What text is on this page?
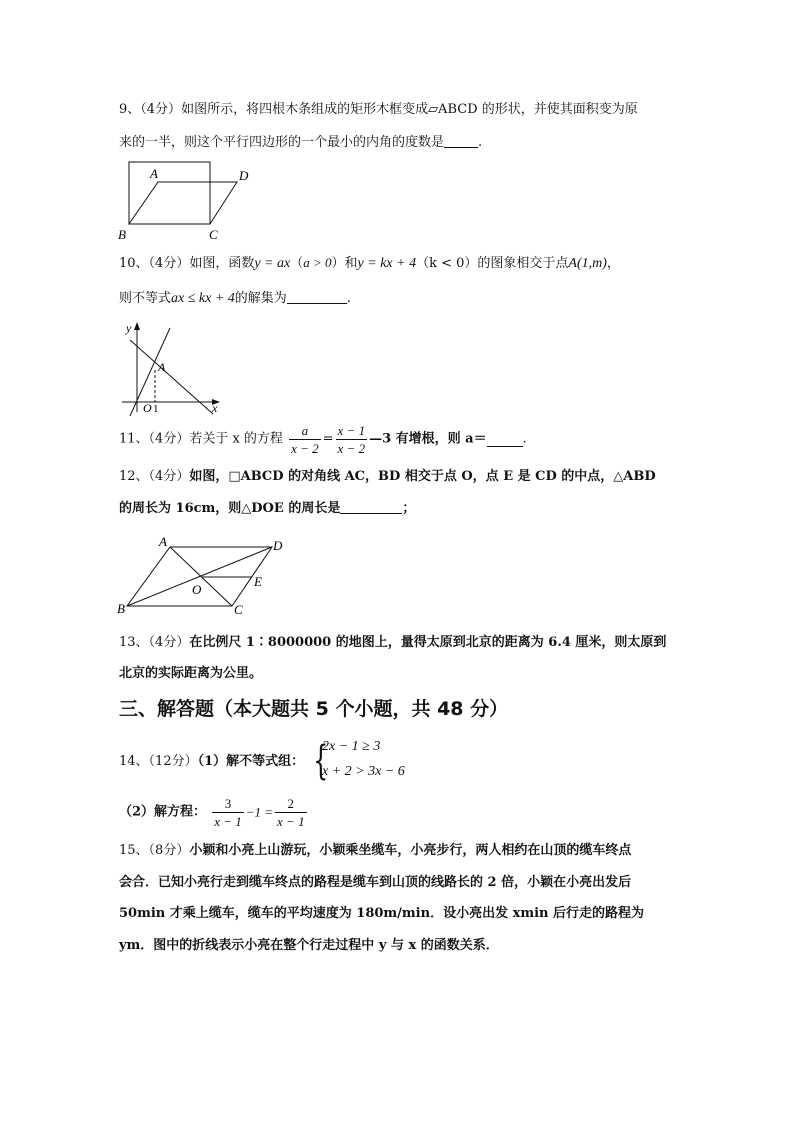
9、（4分）如图所示，将四根木条组成的矩形木框变成▱ABCD 的形状，并使其面积变为原
来的一半，则这个平行四边形的一个最小的内角的度数是	.
A	D
B	C
10、（4分）如图，函数y = ax（a > 0）和y = kx + 4（k < 0）的图象相交于点A(1,m)，
则不等式ax ≤ kx + 4的解集为	.
y
x
O 1
A
11、（4分）若关于 x 的方程 $\frac{a}{x - 2} = \frac{x - 1}{x - 2}$ —3 有增根，则 a＝	.
12、（4分）如图，□ABCD 的对角线 AC，BD 相交于点 O，点 E 是 CD 的中点，△ABD
的周长为 16cm，则△DOE 的周长是	；
A	D
B	C
E
O
13、（4分）在比例尺 1∶8000000 的地图上，量得太原到北京的距离为 6.4 厘米，则太原到
北京的实际距离为公里。
三、解答题（本大题共 5 个小题，共 48 分）
14、（12分）（1）解不等式组： {
2x − 1 ≥ 3
x + 2 > 3x − 6
（2）解方程： $\frac{3}{x - 1} -1 = \frac{2}{x - 1}$
15、（8分）小颖和小亮上山游玩，小颖乘坐缆车，小亮步行，两人相约在山顶的缆车终点
会合．已知小亮行走到缆车终点的路程是缆车到山顶的线路长的 2 倍，小颖在小亮出发后
50min 才乘上缆车，缆车的平均速度为 180m/min．设小亮出发 xmin 后行走的路程为
ym．图中的折线表示小亮在整个行走过程中 y 与 x 的函数关系．
